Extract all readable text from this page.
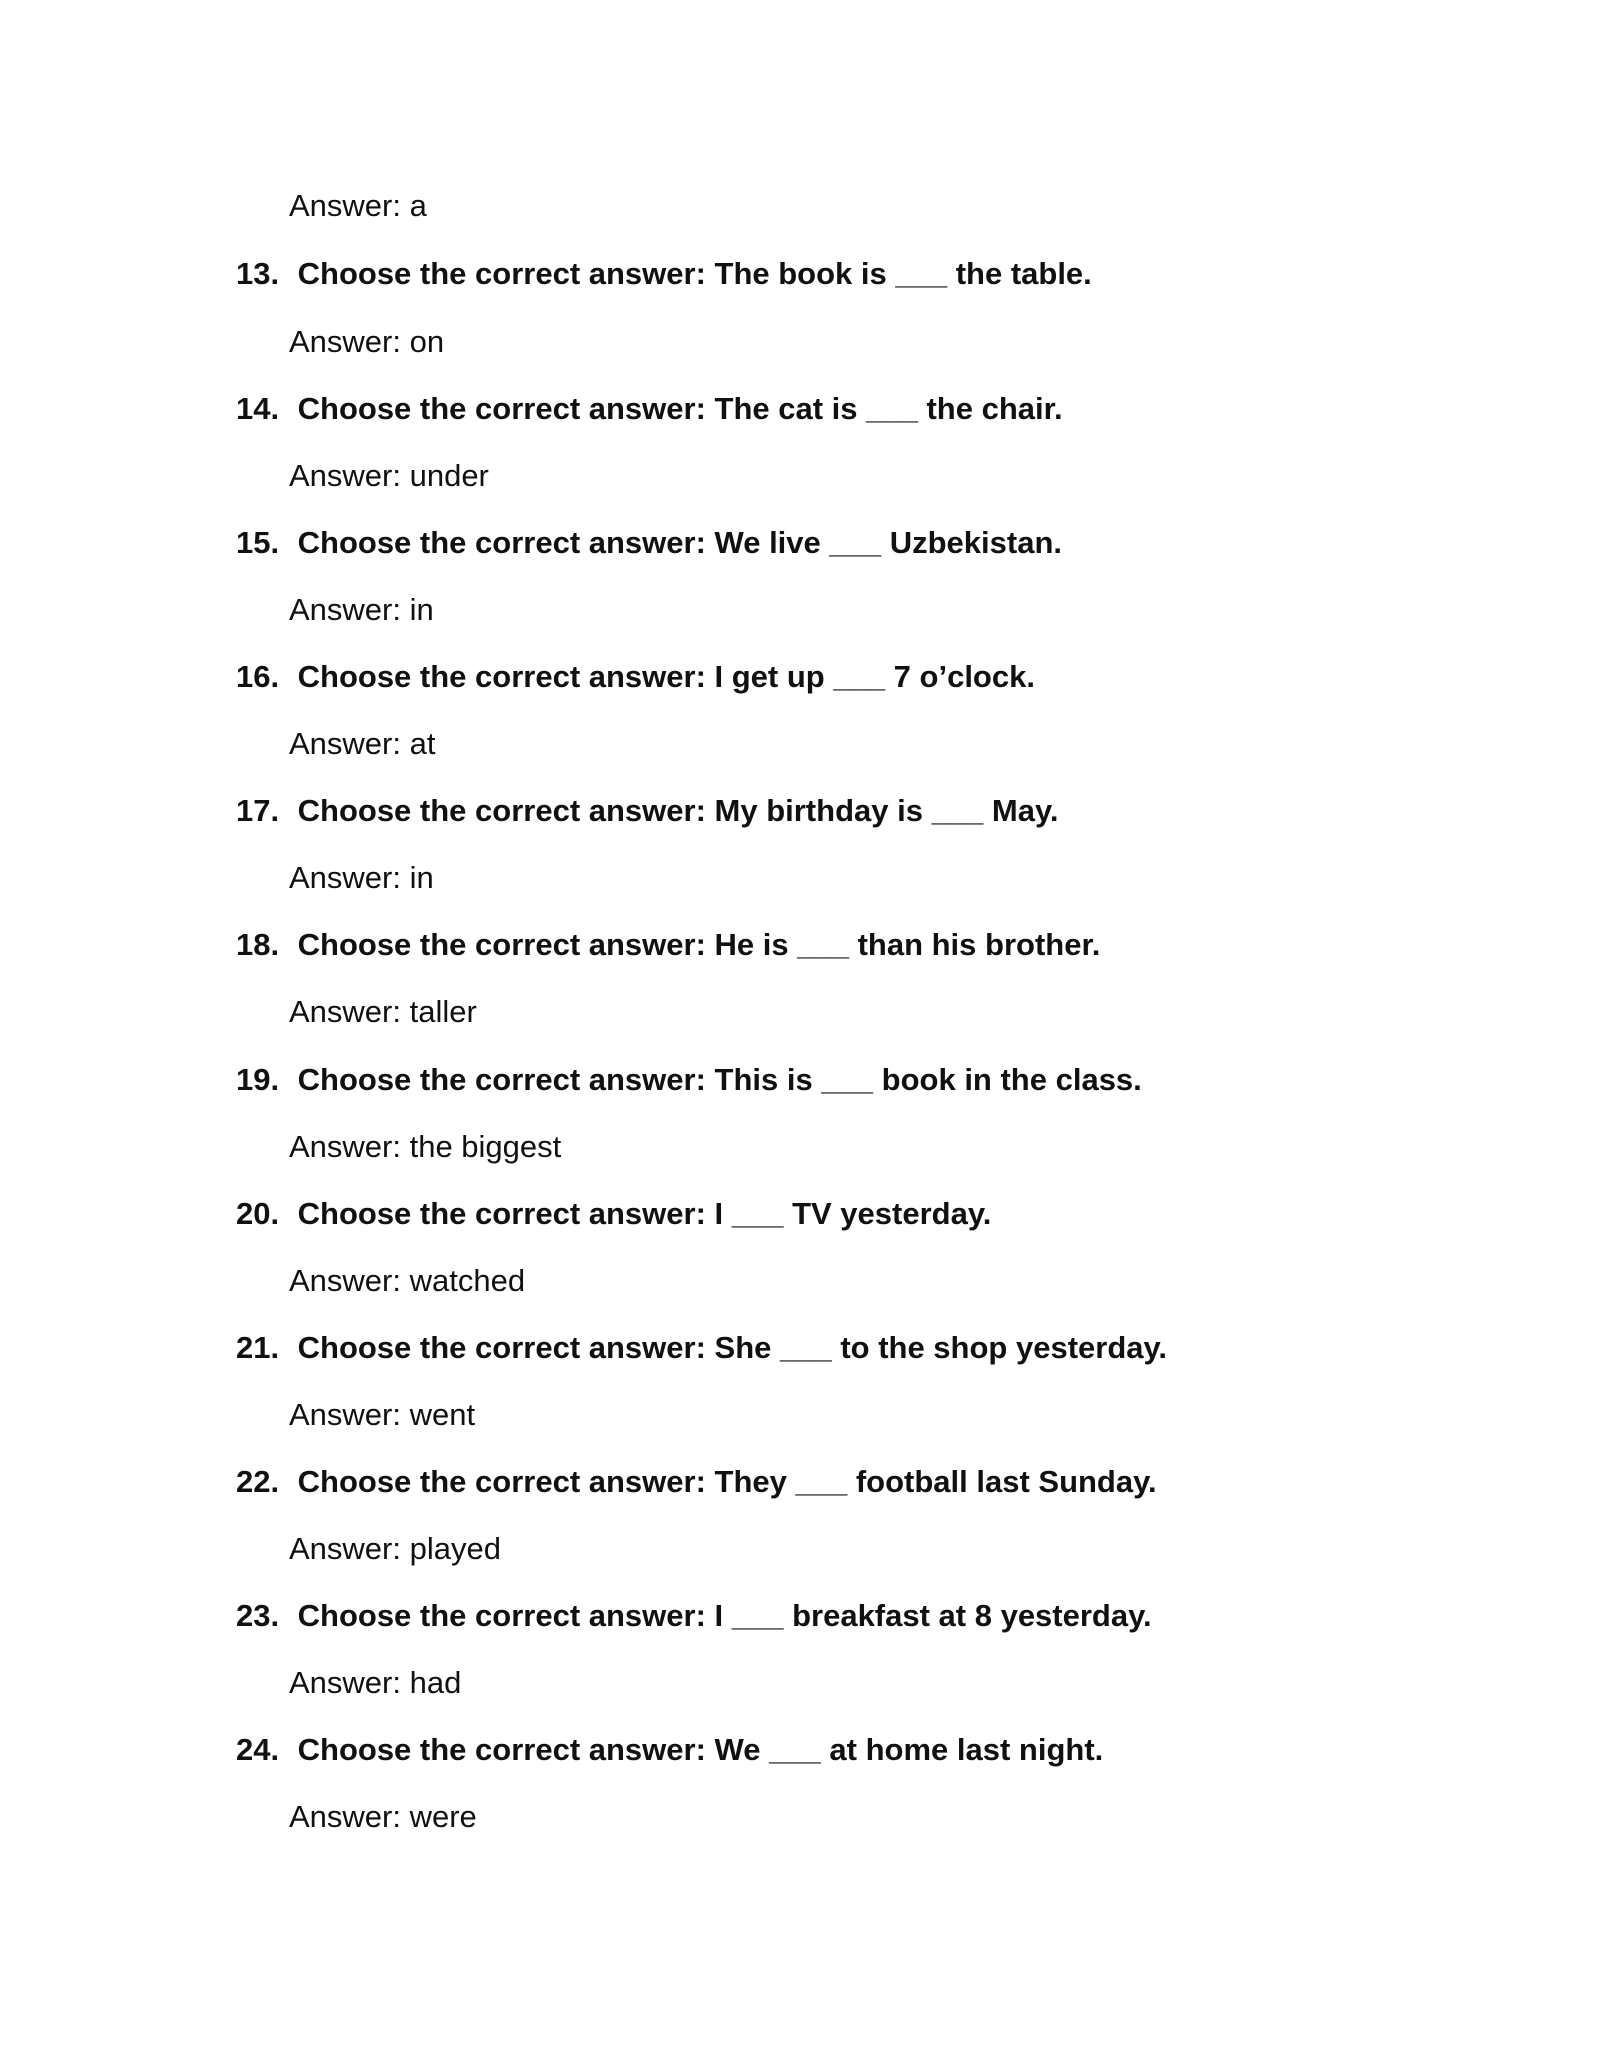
Answer: a
13. Choose the correct answer: The book is ___ the table.
Answer: on
14. Choose the correct answer: The cat is ___ the chair.
Answer: under
15. Choose the correct answer: We live ___ Uzbekistan.
Answer: in
16. Choose the correct answer: I get up ___ 7 o’clock.
Answer: at
17. Choose the correct answer: My birthday is ___ May.
Answer: in
18. Choose the correct answer: He is ___ than his brother.
Answer: taller
19. Choose the correct answer: This is ___ book in the class.
Answer: the biggest
20. Choose the correct answer: I ___ TV yesterday.
Answer: watched
21. Choose the correct answer: She ___ to the shop yesterday.
Answer: went
22. Choose the correct answer: They ___ football last Sunday.
Answer: played
23. Choose the correct answer: I ___ breakfast at 8 yesterday.
Answer: had
24. Choose the correct answer: We ___ at home last night.
Answer: were
